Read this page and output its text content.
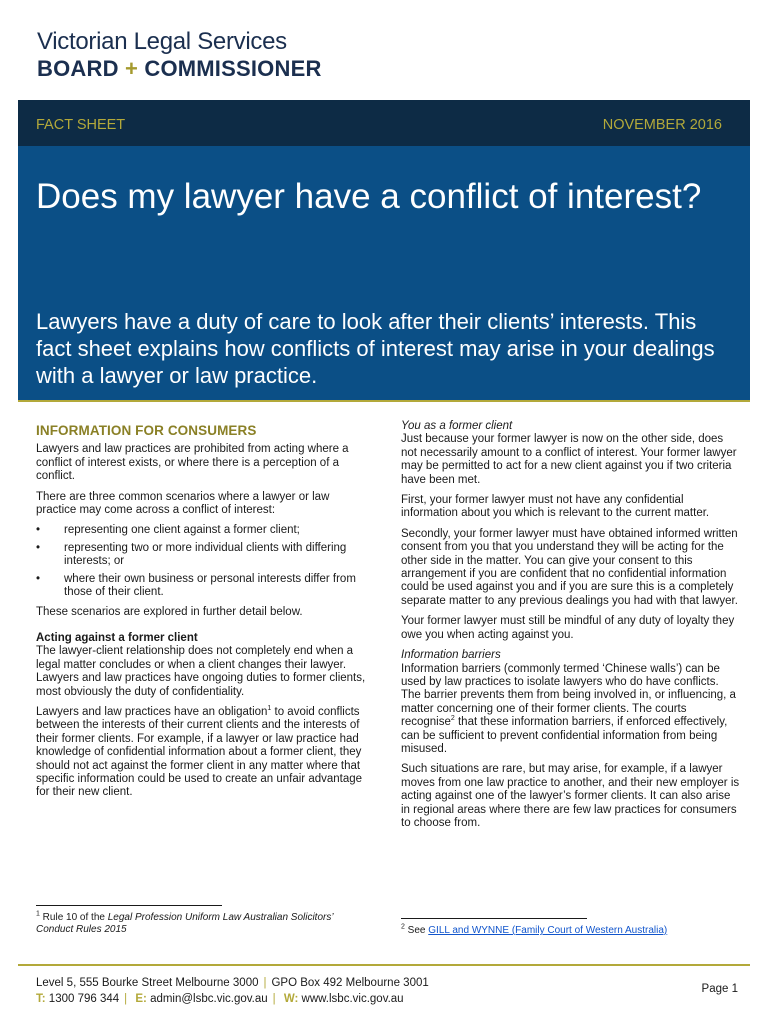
Victorian Legal Services
BOARD + COMMISSIONER
FACT SHEET	NOVEMBER 2016
Does my lawyer have a conflict of interest?

Lawyers have a duty of care to look after their clients’ interests. This fact sheet explains how conflicts of interest may arise in your dealings with a lawyer or law practice.

INFORMATION FOR CONSUMERS

Lawyers and law practices are prohibited from acting where a conflict of interest exists, or where there is a perception of a conflict.

There are three common scenarios where a lawyer or law practice may come across a conflict of interest:

• representing one client against a former client;
• representing two or more individual clients with differing interests; or
• where their own business or personal interests differ from those of their client.

These scenarios are explored in further detail below.

Acting against a former client

The lawyer-client relationship does not completely end when a legal matter concludes or when a client changes their lawyer. Lawyers and law practices have ongoing duties to former clients, most obviously the duty of confidentiality.

Lawyers and law practices have an obligation$^1$ to avoid conflicts between the interests of their current clients and the interests of their former clients. For example, if a lawyer or law practice had knowledge of confidential information about a former client, they should not act against the former client in any matter where that specific information could be used to create an unfair advantage for their new client.

$^1$ Rule 10 of the Legal Profession Uniform Law Australian Solicitors’ Conduct Rules 2015
You as a former client

Just because your former lawyer is now on the other side, does not necessarily amount to a conflict of interest. Your former lawyer may be permitted to act for a new client against you if two criteria have been met.

First, your former lawyer must not have any confidential information about you which is relevant to the current matter.

Secondly, your former lawyer must have obtained informed written consent from you that you understand they will be acting for the other side in the matter. You can give your consent to this arrangement if you are confident that no confidential information could be used against you and if you are sure this is a completely separate matter to any previous dealings you had with that lawyer.

Your former lawyer must still be mindful of any duty of loyalty they owe you when acting against you.

Information barriers

Information barriers (commonly termed ‘Chinese walls’) can be used by law practices to isolate lawyers who do have conflicts. The barrier prevents them from being involved in, or influencing, a matter concerning one of their former clients. The courts recognise$^2$ that these information barriers, if enforced effectively, can be sufficient to prevent confidential information from being misused.

Such situations are rare, but may arise, for example, if a lawyer moves from one law practice to another, and their new employer is acting against one of the lawyer’s former clients. It can also arise in regional areas where there are few law practices for consumers to choose from.

$^2$ See GILL and WYNNE (Family Court of Western Australia)
Level 5, 555 Bourke Street Melbourne 3000 | GPO Box 492 Melbourne 3001
T: 1300 796 344 | E: admin@lsbc.vic.gov.au | W: www.lsbc.vic.gov.au
Page 1
